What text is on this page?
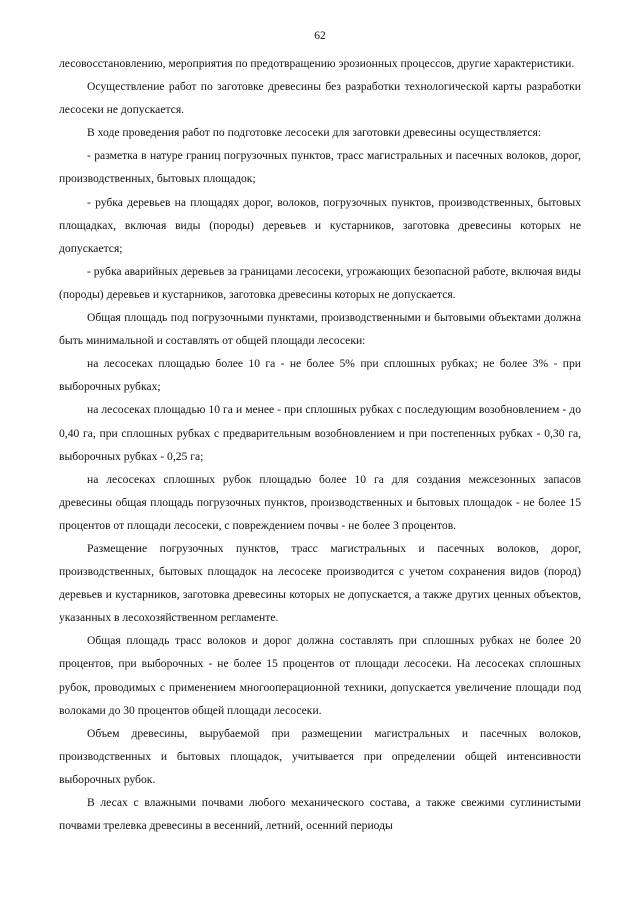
62

лесовосстановлению, мероприятия по предотвращению эрозионных процессов, другие характеристики.

Осуществление работ по заготовке древесины без разработки технологической карты разработки лесосеки не допускается.

В ходе проведения работ по подготовке лесосеки для заготовки древесины осуществляется:

- разметка в натуре границ погрузочных пунктов, трасс магистральных и пасечных волоков, дорог, производственных, бытовых площадок;

- рубка деревьев на площадях дорог, волоков, погрузочных пунктов, производственных, бытовых площадках, включая виды (породы) деревьев и кустарников, заготовка древесины которых не допускается;

- рубка аварийных деревьев за границами лесосеки, угрожающих безопасной работе, включая виды (породы) деревьев и кустарников, заготовка древесины которых не допускается.

Общая площадь под погрузочными пунктами, производственными и бытовыми объектами должна быть минимальной и составлять от общей площади лесосеки:

на лесосеках площадью более 10 га - не более 5% при сплошных рубках; не более 3% - при выборочных рубках;

на лесосеках площадью 10 га и менее - при сплошных рубках с последующим возобновлением - до 0,40 га, при сплошных рубках с предварительным возобновлением и при постепенных рубках - 0,30 га, выборочных рубках - 0,25 га;

на лесосеках сплошных рубок площадью более 10 га для создания межсезонных запасов древесины общая площадь погрузочных пунктов, производственных и бытовых площадок - не более 15 процентов от площади лесосеки, с повреждением почвы - не более 3 процентов.

Размещение погрузочных пунктов, трасс магистральных и пасечных волоков, дорог, производственных, бытовых площадок на лесосеке производится с учетом сохранения видов (пород) деревьев и кустарников, заготовка древесины которых не допускается, а также других ценных объектов, указанных в лесохозяйственном регламенте.

Общая площадь трасс волоков и дорог должна составлять при сплошных рубках не более 20 процентов, при выборочных - не более 15 процентов от площади лесосеки. На лесосеках сплошных рубок, проводимых с применением многооперационной техники, допускается увеличение площади под волоками до 30 процентов общей площади лесосеки.

Объем древесины, вырубаемой при размещении магистральных и пасечных волоков, производственных и бытовых площадок, учитывается при определении общей интенсивности выборочных рубок.

В лесах с влажными почвами любого механического состава, а также свежими суглинистыми почвами трелевка древесины в весенний, летний, осенний периоды
